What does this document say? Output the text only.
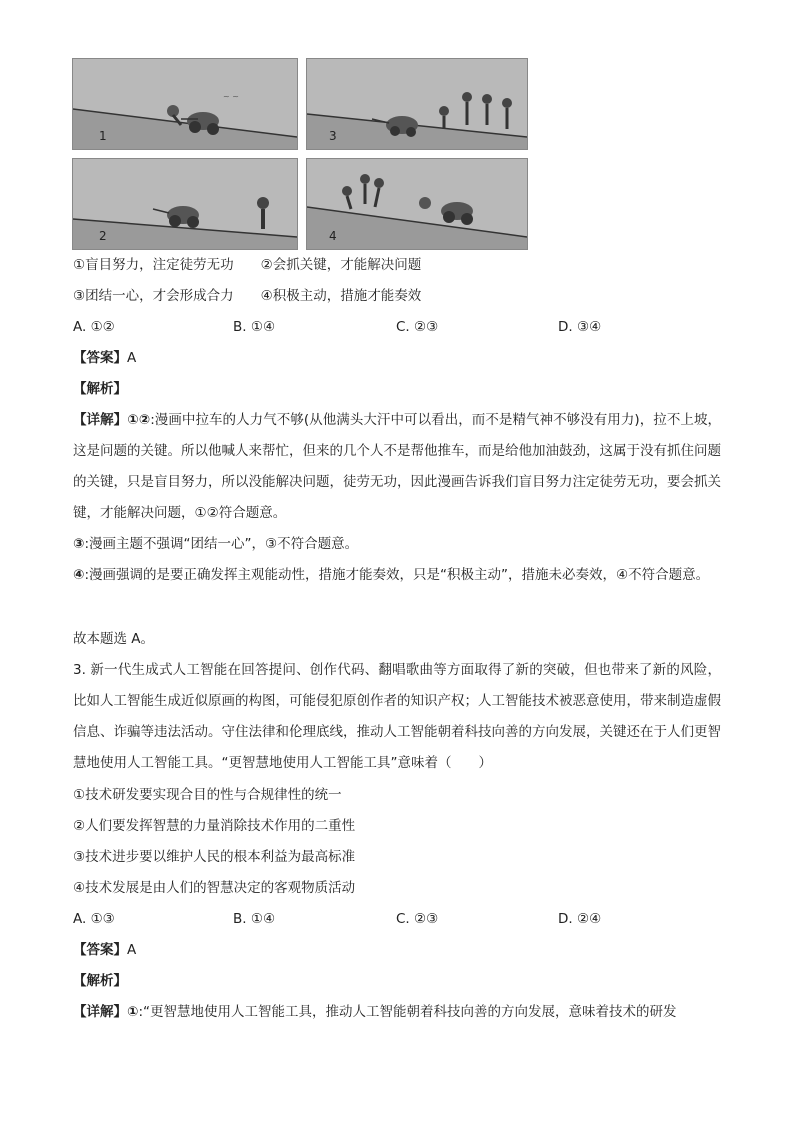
~ ~
1	3
2	4
①盲目努力，注定徒劳无功　　②会抓关键，才能解决问题
③团结一心，才会形成合力　　④积极主动，措施才能奏效
A. ①②	B. ①④	C. ②③	D. ③④
【答案】A
【解析】
【详解】①②:漫画中拉车的人力气不够(从他满头大汗中可以看出，而不是精气神不够没有用力)，拉不上坡，这是问题的关键。所以他喊人来帮忙，但来的几个人不是帮他推车，而是给他加油鼓劲，这属于没有抓住问题的关键，只是盲目努力，所以没能解决问题，徒劳无功，因此漫画告诉我们盲目努力注定徒劳无功，要会抓关键，才能解决问题，①②符合题意。
③:漫画主题不强调“团结一心”，③不符合题意。
④:漫画强调的是要正确发挥主观能动性，措施才能奏效，只是“积极主动”，措施未必奏效，④不符合题意。
故本题选 A。
3. 新一代生成式人工智能在回答提问、创作代码、翻唱歌曲等方面取得了新的突破，但也带来了新的风险，比如人工智能生成近似原画的构图，可能侵犯原创作者的知识产权；人工智能技术被恶意使用，带来制造虚假信息、诈骗等违法活动。守住法律和伦理底线，推动人工智能朝着科技向善的方向发展，关键还在于人们更智慧地使用人工智能工具。“更智慧地使用人工智能工具”意味着（　　）
①技术研发要实现合目的性与合规律性的统一
②人们要发挥智慧的力量消除技术作用的二重性
③技术进步要以维护人民的根本利益为最高标准
④技术发展是由人们的智慧决定的客观物质活动
A. ①③	B. ①④	C. ②③	D. ②④
【答案】A
【解析】
【详解】①:“更智慧地使用人工智能工具，推动人工智能朝着科技向善的方向发展，意味着技术的研发
